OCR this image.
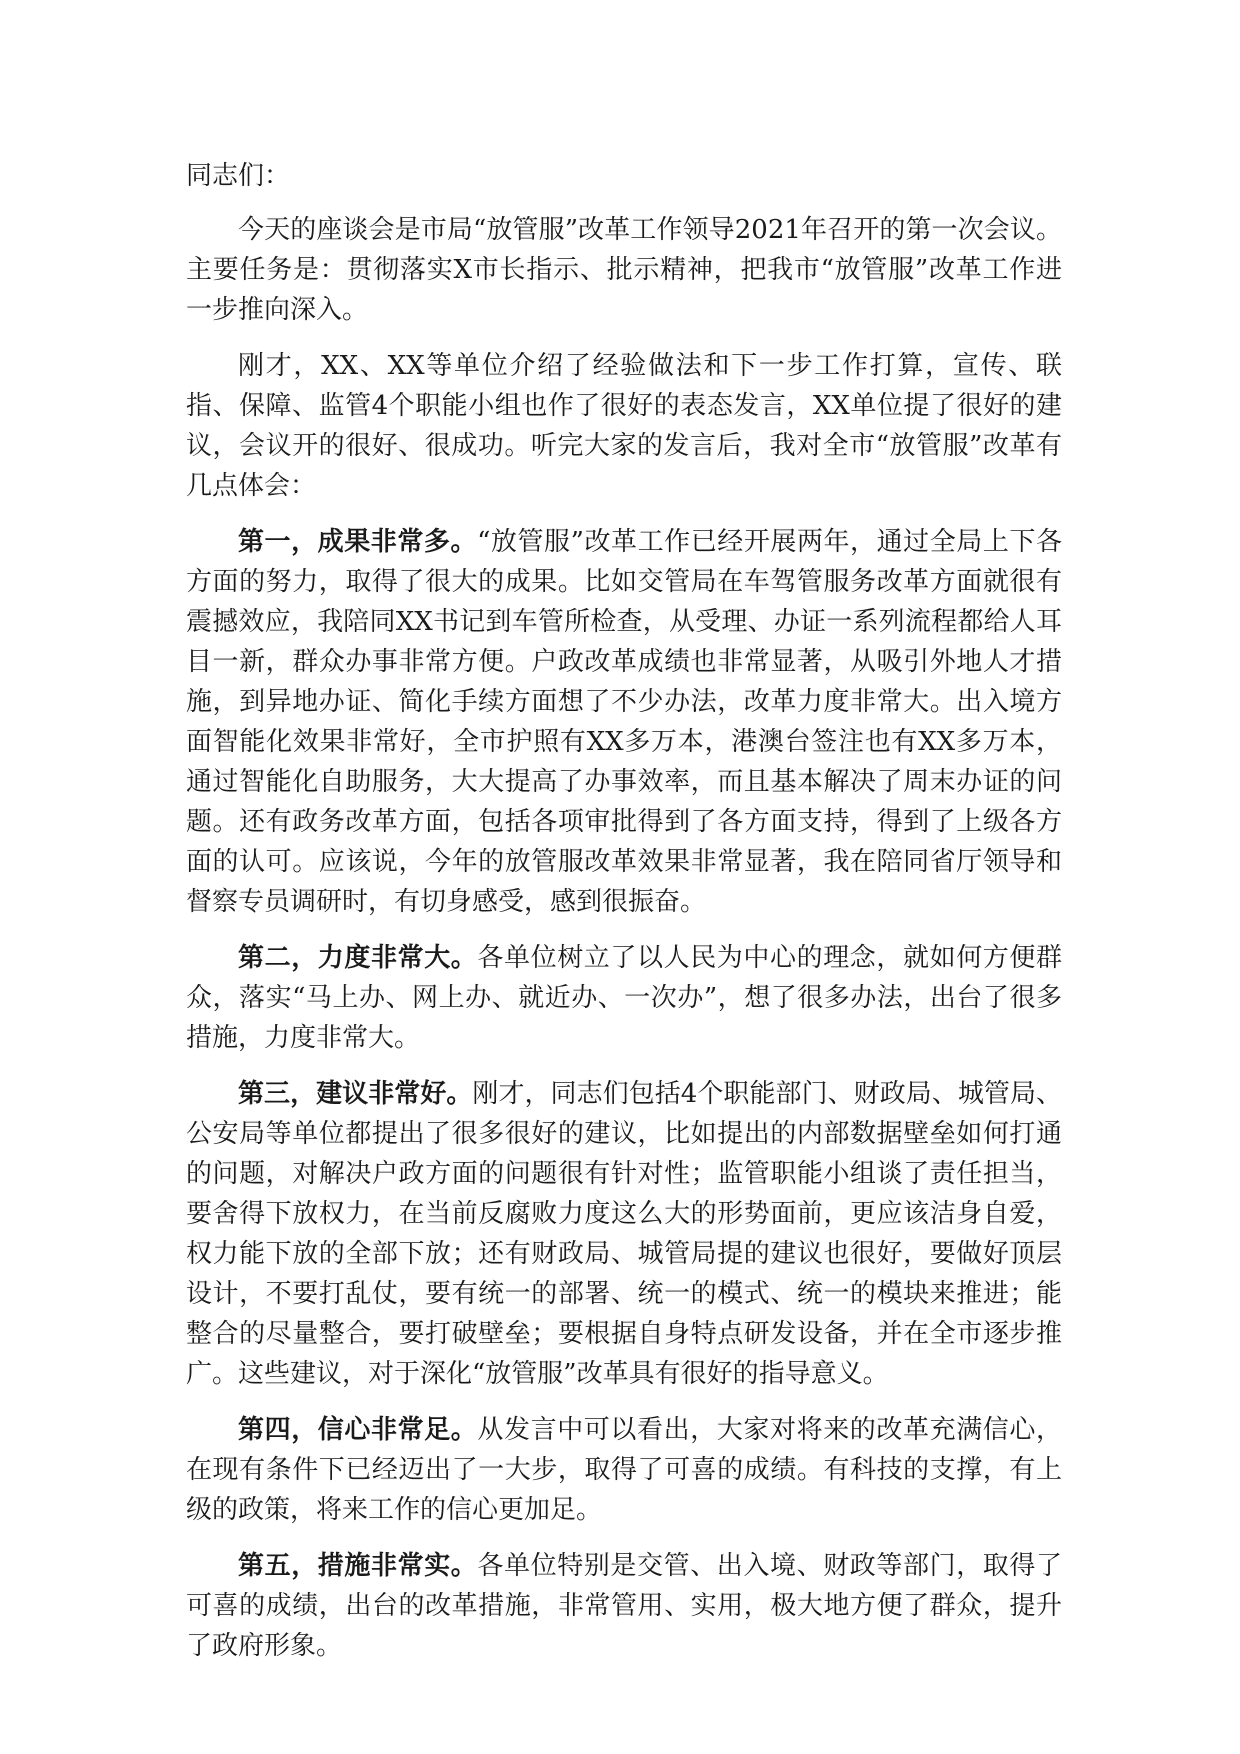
同志们：

今天的座谈会是市局“放管服”改革工作领导2021年召开的第一次会议。主要任务是：贯彻落实X市长指示、批示精神，把我市“放管服”改革工作进一步推向深入。

刚才，XX、XX等单位介绍了经验做法和下一步工作打算，宣传、联指、保障、监管4个职能小组也作了很好的表态发言，XX单位提了很好的建议，会议开的很好、很成功。听完大家的发言后，我对全市“放管服”改革有几点体会：

第一，成果非常多。“放管服”改革工作已经开展两年，通过全局上下各方面的努力，取得了很大的成果。比如交管局在车驾管服务改革方面就很有震撼效应，我陪同XX书记到车管所检查，从受理、办证一系列流程都给人耳目一新，群众办事非常方便。户政改革成绩也非常显著，从吸引外地人才措施，到异地办证、简化手续方面想了不少办法，改革力度非常大。出入境方面智能化效果非常好，全市护照有XX多万本，港澳台签注也有XX多万本，通过智能化自助服务，大大提高了办事效率，而且基本解决了周末办证的问题。还有政务改革方面，包括各项审批得到了各方面支持，得到了上级各方面的认可。应该说，今年的放管服改革效果非常显著，我在陪同省厅领导和督察专员调研时，有切身感受，感到很振奋。

第二，力度非常大。各单位树立了以人民为中心的理念，就如何方便群众，落实“马上办、网上办、就近办、一次办”，想了很多办法，出台了很多措施，力度非常大。

第三，建议非常好。刚才，同志们包括4个职能部门、财政局、城管局、公安局等单位都提出了很多很好的建议，比如提出的内部数据壁垒如何打通的问题，对解决户政方面的问题很有针对性；监管职能小组谈了责任担当，要舍得下放权力，在当前反腐败力度这么大的形势面前，更应该洁身自爱，权力能下放的全部下放；还有财政局、城管局提的建议也很好，要做好顶层设计，不要打乱仗，要有统一的部署、统一的模式、统一的模块来推进；能整合的尽量整合，要打破壁垒；要根据自身特点研发设备，并在全市逐步推广。这些建议，对于深化“放管服”改革具有很好的指导意义。

第四，信心非常足。从发言中可以看出，大家对将来的改革充满信心，在现有条件下已经迈出了一大步，取得了可喜的成绩。有科技的支撑，有上级的政策，将来工作的信心更加足。

第五，措施非常实。各单位特别是交管、出入境、财政等部门，取得了可喜的成绩，出台的改革措施，非常管用、实用，极大地方便了群众，提升了政府形象。
